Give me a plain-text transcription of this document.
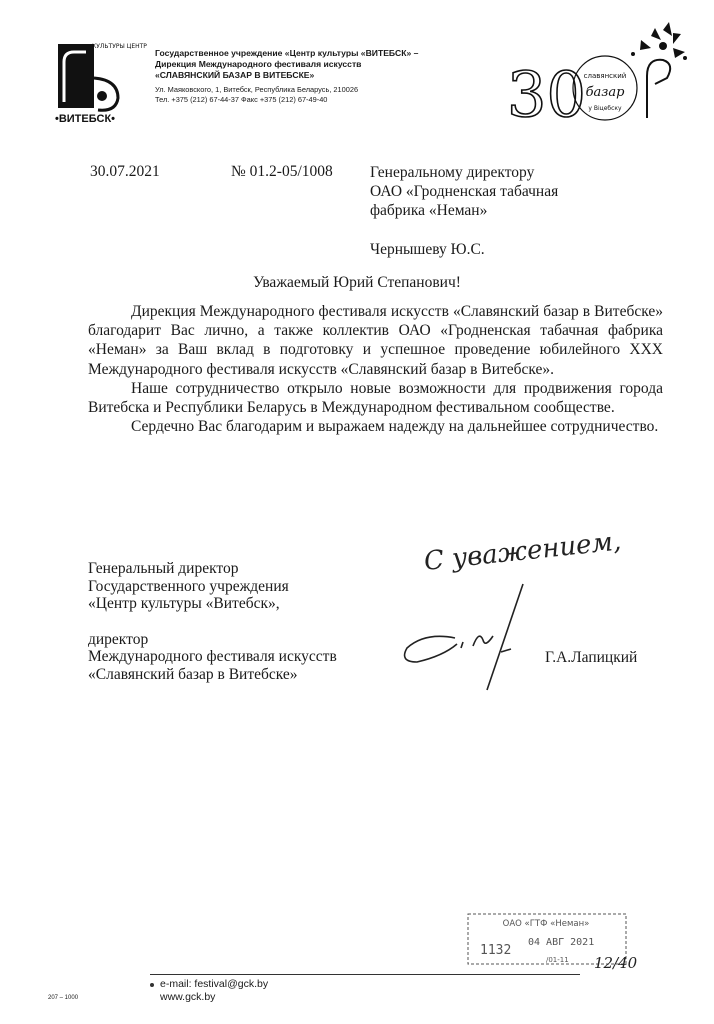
КУЛЬТУРЫ ЦЕНТР
•ВИТЕБСК•
Государственное учреждение «Центр культуры «ВИТЕБСК» –
Дирекция Международного фестиваля искусств
«СЛАВЯНСКИЙ БАЗАР В ВИТЕБСКЕ»
Ул. Маяковского, 1, Витебск, Республика Беларусь, 210026
Тел. +375 (212) 67-44-37 Факс +375 (212) 67-49-40	30
славянский
базар
у Віцебску
30.07.2021	№ 01.2-05/1008 Генеральному директору
ОАО «Гродненская табачная
фабрика «Неман»
Чернышеву Ю.С.
Уважаемый Юрий Степанович!

Дирекция Международного фестиваля искусств «Славянский базар в Витебске» благодарит Вас лично, а также коллектив ОАО «Гродненская табачная фабрика «Неман» за Ваш вклад в подготовку и успешное проведение юбилейного XXX Международного фестиваля искусств «Славянский базар в Витебске».

Наше сотрудничество открыло новые возможности для продвижения города Витебска и Республики Беларусь в Международном фестивальном сообществе.

Сердечно Вас благодарим и выражаем надежду на дальнейшее сотрудничество.

Генеральный директор
Государственного учреждения
«Центр культуры «Витебск»,
директор
Международного фестиваля искусств
«Славянский базар в Витебске»
Г.А.Лапицкий
С уважением,
ОАО «ГТФ «Неман»
04 АВГ 2021
1132
/01-11 12/40
e-mail: festival@gck.by
www.gck.by
207 – 1000
